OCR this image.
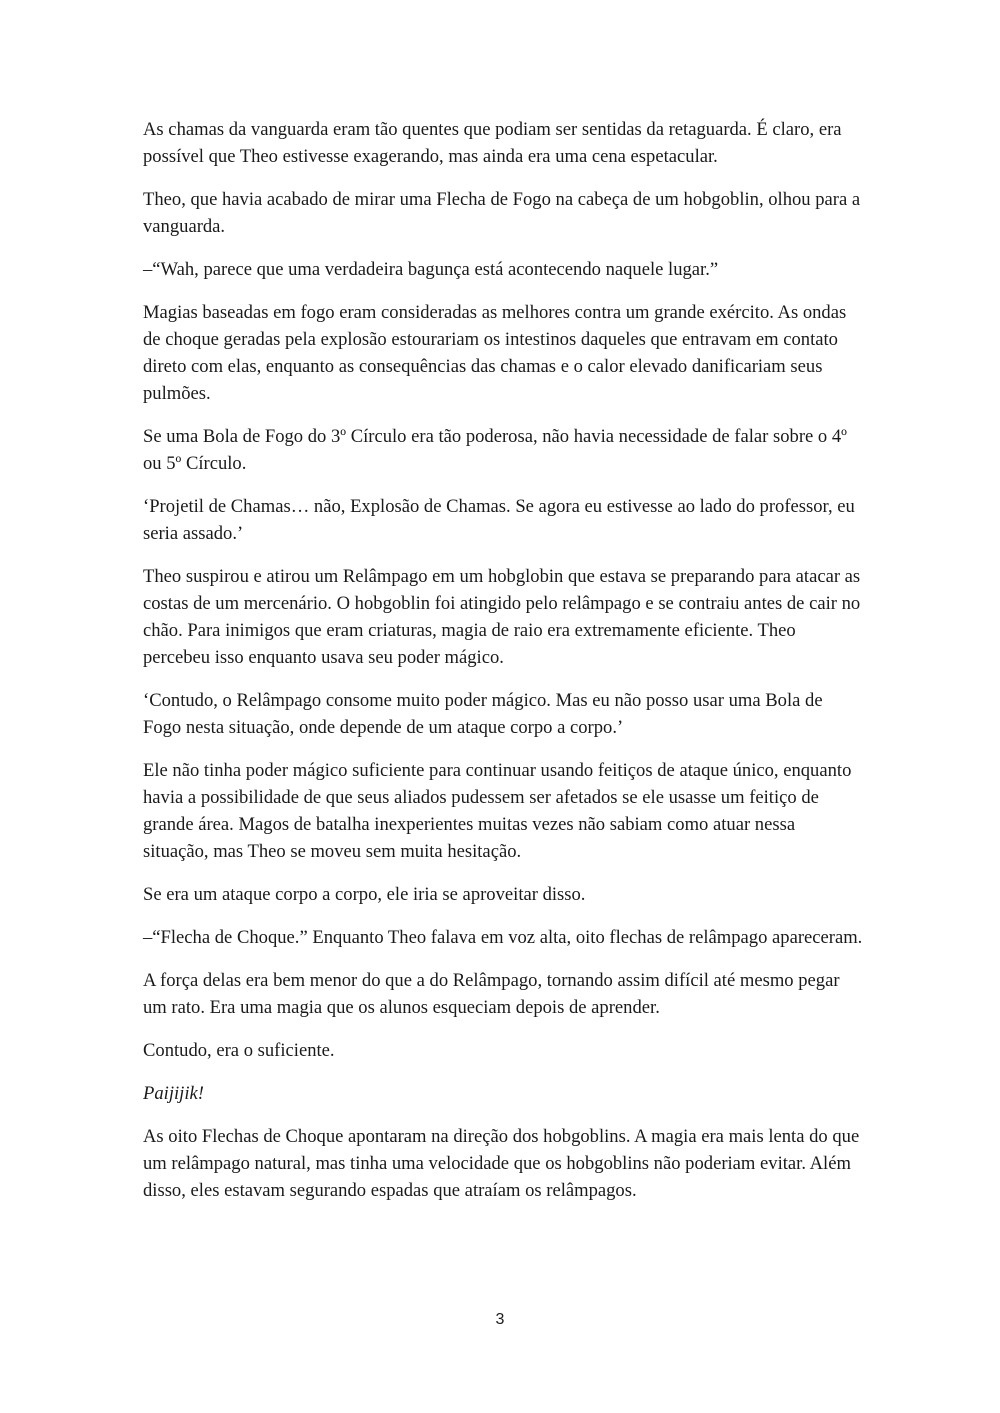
As chamas da vanguarda eram tão quentes que podiam ser sentidas da retaguarda. É claro, era possível que Theo estivesse exagerando, mas ainda era uma cena espetacular.

Theo, que havia acabado de mirar uma Flecha de Fogo na cabeça de um hobgoblin, olhou para a vanguarda.

–“Wah, parece que uma verdadeira bagunça está acontecendo naquele lugar.”

Magias baseadas em fogo eram consideradas as melhores contra um grande exército. As ondas de choque geradas pela explosão estourariam os intestinos daqueles que entravam em contato direto com elas, enquanto as consequências das chamas e o calor elevado danificariam seus pulmões.

Se uma Bola de Fogo do 3º Círculo era tão poderosa, não havia necessidade de falar sobre o 4º ou 5º Círculo.

‘Projetil de Chamas… não, Explosão de Chamas. Se agora eu estivesse ao lado do professor, eu seria assado.’

Theo suspirou e atirou um Relâmpago em um hobglobin que estava se preparando para atacar as costas de um mercenário. O hobgoblin foi atingido pelo relâmpago e se contraiu antes de cair no chão. Para inimigos que eram criaturas, magia de raio era extremamente eficiente. Theo percebeu isso enquanto usava seu poder mágico.

‘Contudo, o Relâmpago consome muito poder mágico. Mas eu não posso usar uma Bola de Fogo nesta situação, onde depende de um ataque corpo a corpo.’

Ele não tinha poder mágico suficiente para continuar usando feitiços de ataque único, enquanto havia a possibilidade de que seus aliados pudessem ser afetados se ele usasse um feitiço de grande área. Magos de batalha inexperientes muitas vezes não sabiam como atuar nessa situação, mas Theo se moveu sem muita hesitação.

Se era um ataque corpo a corpo, ele iria se aproveitar disso.

–“Flecha de Choque.” Enquanto Theo falava em voz alta, oito flechas de relâmpago apareceram.

A força delas era bem menor do que a do Relâmpago, tornando assim difícil até mesmo pegar um rato. Era uma magia que os alunos esqueciam depois de aprender.

Contudo, era o suficiente.

Paijijik!

As oito Flechas de Choque apontaram na direção dos hobgoblins. A magia era mais lenta do que um relâmpago natural, mas tinha uma velocidade que os hobgoblins não poderiam evitar. Além disso, eles estavam segurando espadas que atraíam os relâmpagos.

3
